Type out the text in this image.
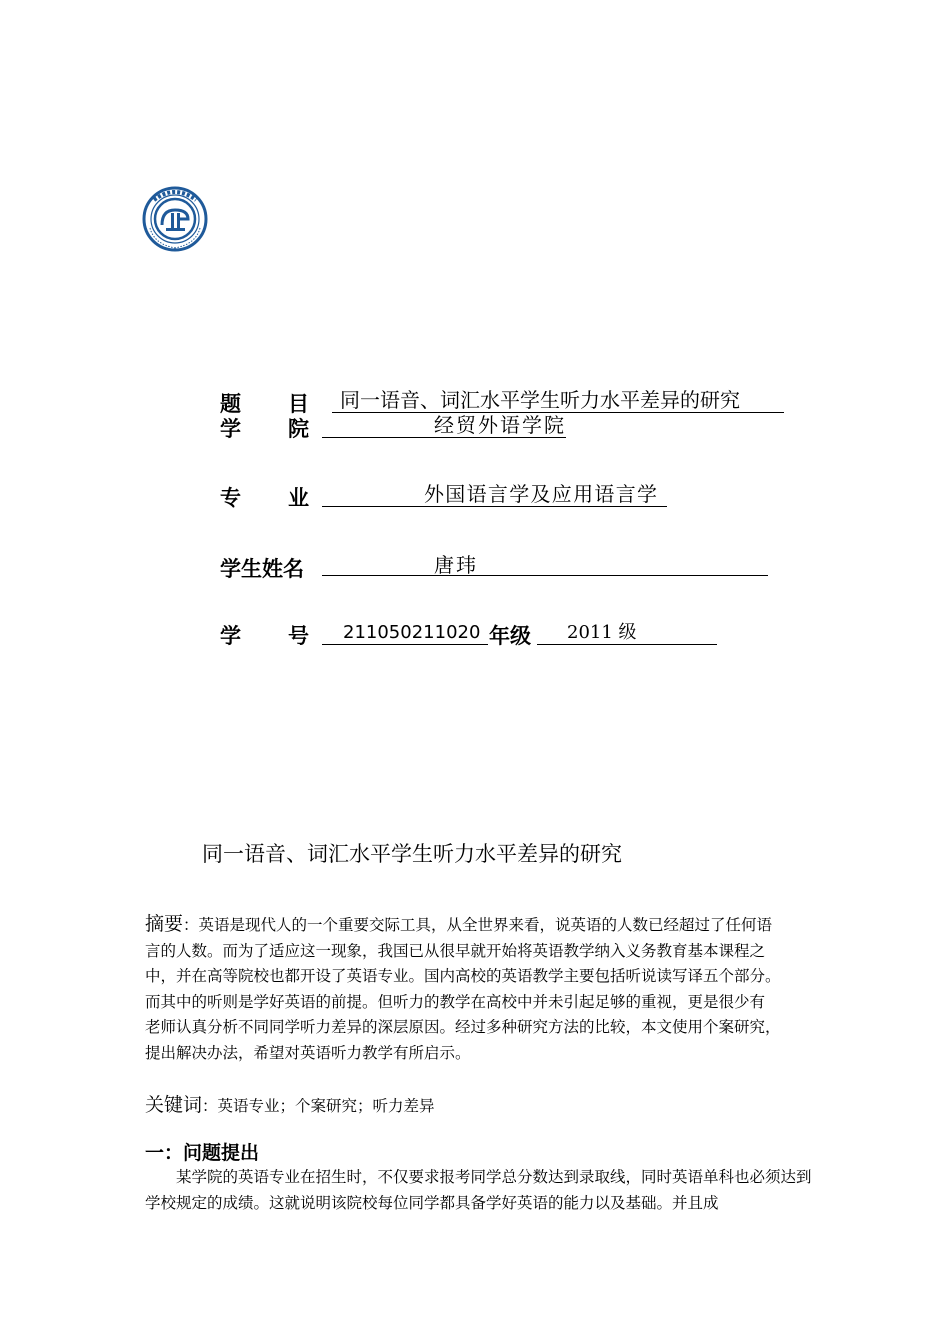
题 目 同一语音、词汇水平学生听力水平差异的研究
学 院	经贸外语学院
专 业	外国语言学及应用语言学
学生姓名	唐玮
学 号 211050211020 年级 2011 级
同一语音、词汇水平学生听力水平差异的研究

摘要：英语是现代人的一个重要交际工具，从全世界来看，说英语的人数已经超过了任何语

言的人数。而为了适应这一现象，我国已从很早就开始将英语教学纳入义务教育基本课程之

中，并在高等院校也都开设了英语专业。国内高校的英语教学主要包括听说读写译五个部分。

而其中的听则是学好英语的前提。但听力的教学在高校中并未引起足够的重视，更是很少有

老师认真分析不同同学听力差异的深层原因。经过多种研究方法的比较，本文使用个案研究，

提出解决办法，希望对英语听力教学有所启示。

关键词：英语专业；个案研究；听力差异
一：问题提出
某学院的英语专业在招生时，不仅要求报考同学总分数达到录取线，同时英语单科也必须达到学校规定的成绩。这就说明该院校每位同学都具备学好英语的能力以及基础。并且成
